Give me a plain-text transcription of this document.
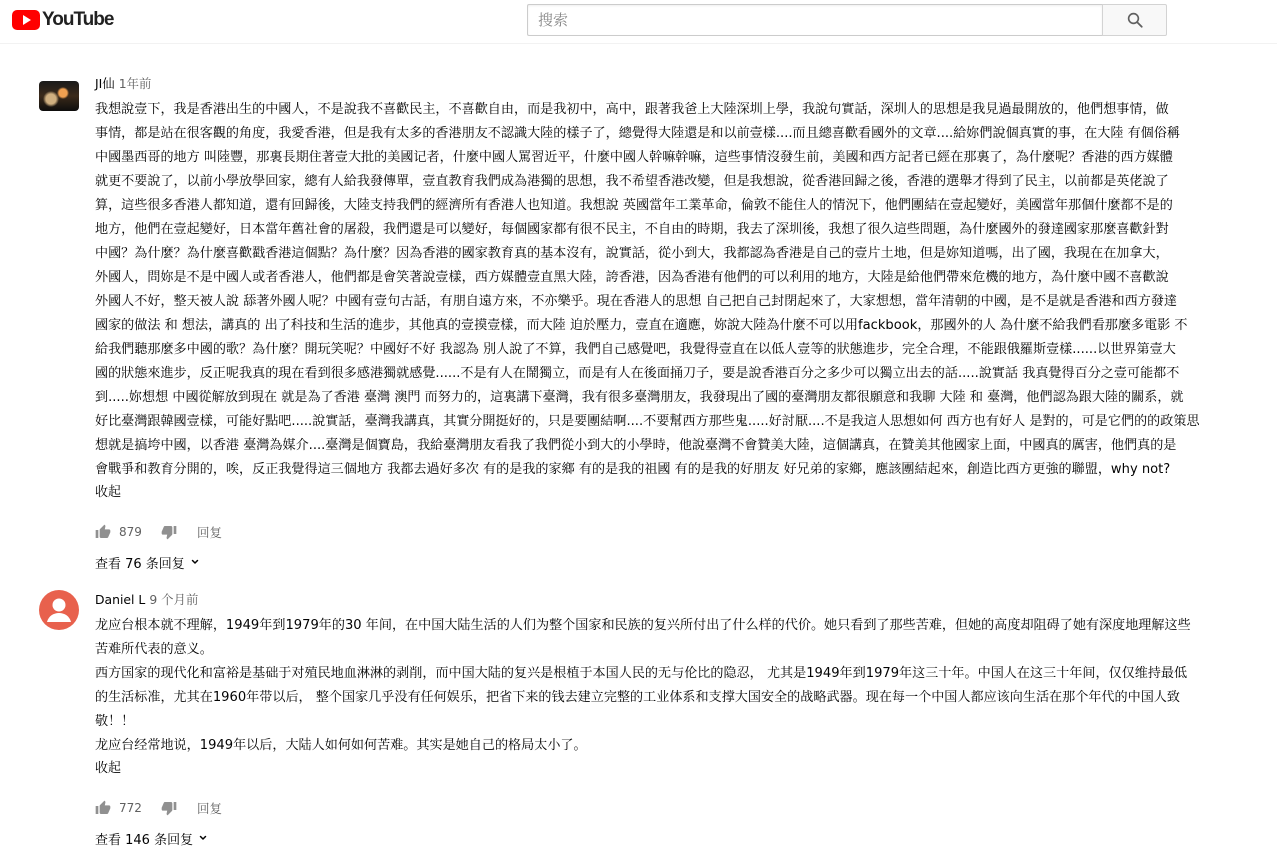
YouTube
搜索
JI仙 1年前
我想說壹下，我是香港出生的中國人，不是說我不喜歡民主，不喜歡自由，而是我初中，高中，跟著我爸上大陸深圳上學，我說句實話，深圳人的思想是我見過最開放的，他們想事情，做
事情，都是站在很客觀的角度，我愛香港，但是我有太多的香港朋友不認識大陸的樣子了，總覺得大陸還是和以前壹樣....而且總喜歡看國外的文章....給妳們說個真實的事，在大陸 有個俗稱
中國墨西哥的地方 叫陸豐，那裏長期住著壹大批的美國记者，什麼中國人罵習近平，什麼中國人幹嘛幹嘛，這些事情沒發生前，美國和西方記者已經在那裏了，為什麼呢？香港的西方媒體
就更不要說了，以前小學放學回家，總有人給我發傳單，壹直教育我們成為港獨的思想，我不希望香港改變，但是我想說，從香港回歸之後，香港的選舉才得到了民主，以前都是英佬說了
算，這些很多香港人都知道，還有回歸後，大陸支持我們的經濟所有香港人也知道。我想說 英國當年工業革命，倫敦不能住人的情況下，他們團結在壹起變好，美國當年那個什麼都不是的
地方，他們在壹起變好，日本當年舊社會的屠殺，我們還是可以變好，每個國家都有很不民主，不自由的時期，我去了深圳後，我想了很久這些問題，為什麼國外的發達國家那麼喜歡針對
中國？為什麼？為什麼喜歡戳香港這個點？為什麼？因為香港的國家教育真的基本沒有，說實話，從小到大，我都認為香港是自己的壹片土地，但是妳知道嗎，出了國，我現在在加拿大，
外國人，問妳是不是中國人或者香港人，他們都是會笑著說壹樣，西方媒體壹直黑大陸，誇香港，因為香港有他們的可以利用的地方，大陸是給他們帶來危機的地方，為什麼中國不喜歡說
外國人不好，整天被人說 舔著外國人呢？中國有壹句古話，有朋自遠方來，不亦樂乎。現在香港人的思想 自己把自己封閉起來了，大家想想，當年清朝的中國，是不是就是香港和西方發達
國家的做法 和 想法，講真的 出了科技和生活的進步，其他真的壹摸壹樣，而大陸 迫於壓力，壹直在適應，妳說大陸為什麼不可以用fackbook，那國外的人 為什麼不給我們看那麼多電影 不
給我們聽那麼多中國的歌？為什麼？開玩笑呢？中國好不好 我認為 別人說了不算，我們自己感覺吧，我覺得壹直在以低人壹等的狀態進步，完全合理，不能跟俄羅斯壹樣......以世界第壹大
國的狀態來進步，反正呢我真的現在看到很多感港獨就感覺......不是有人在鬧獨立，而是有人在後面捅刀子，要是說香港百分之多少可以獨立出去的話.....說實話 我真覺得百分之壹可能都不
到.....妳想想 中國從解放到現在 就是為了香港 臺灣 澳門 而努力的，這裏講下臺灣，我有很多臺灣朋友，我發現出了國的臺灣朋友都很願意和我聊 大陸 和 臺灣，他們認為跟大陸的關系，就
好比臺灣跟韓國壹樣，可能好點吧.....說實話，臺灣我講真，其實分開挺好的，只是要團結啊....不要幫西方那些鬼.....好討厭....不是我這人思想如何 西方也有好人 是對的，可是它們的的政策思
想就是搞垮中國，以香港 臺灣為媒介....臺灣是個寶島，我給臺灣朋友看我了我們從小到大的小學時，他說臺灣不會贊美大陸，這個講真，在贊美其他國家上面，中國真的厲害，他們真的是
會戰爭和教育分開的，唉，反正我覺得這三個地方 我都去過好多次 有的是我的家鄉 有的是我的祖國 有的是我的好朋友 好兄弟的家鄉，應該團結起來，創造比西方更強的聯盟，why not?
收起
879	回复
查看 76 条回复
Daniel L 9 个月前
龙应台根本就不理解，1949年到1979年的30 年间，在中国大陆生活的人们为整个国家和民族的复兴所付出了什么样的代价。她只看到了那些苦难，但她的高度却阻碍了她有深度地理解这些
苦难所代表的意义。
西方国家的现代化和富裕是基础于对殖民地血淋淋的剥削，而中国大陆的复兴是根植于本国人民的无与伦比的隐忍， 尤其是1949年到1979年这三十年。中国人在这三十年间，仅仅维持最低
的生活标准，尤其在1960年带以后， 整个国家几乎没有任何娱乐，把省下来的钱去建立完整的工业体系和支撑大国安全的战略武器。现在每一个中国人都应该向生活在那个年代的中国人致
敬！！
龙应台经常地说，1949年以后，大陆人如何如何苦难。其实是她自己的格局太小了。
收起
772	回复
查看 146 条回复
